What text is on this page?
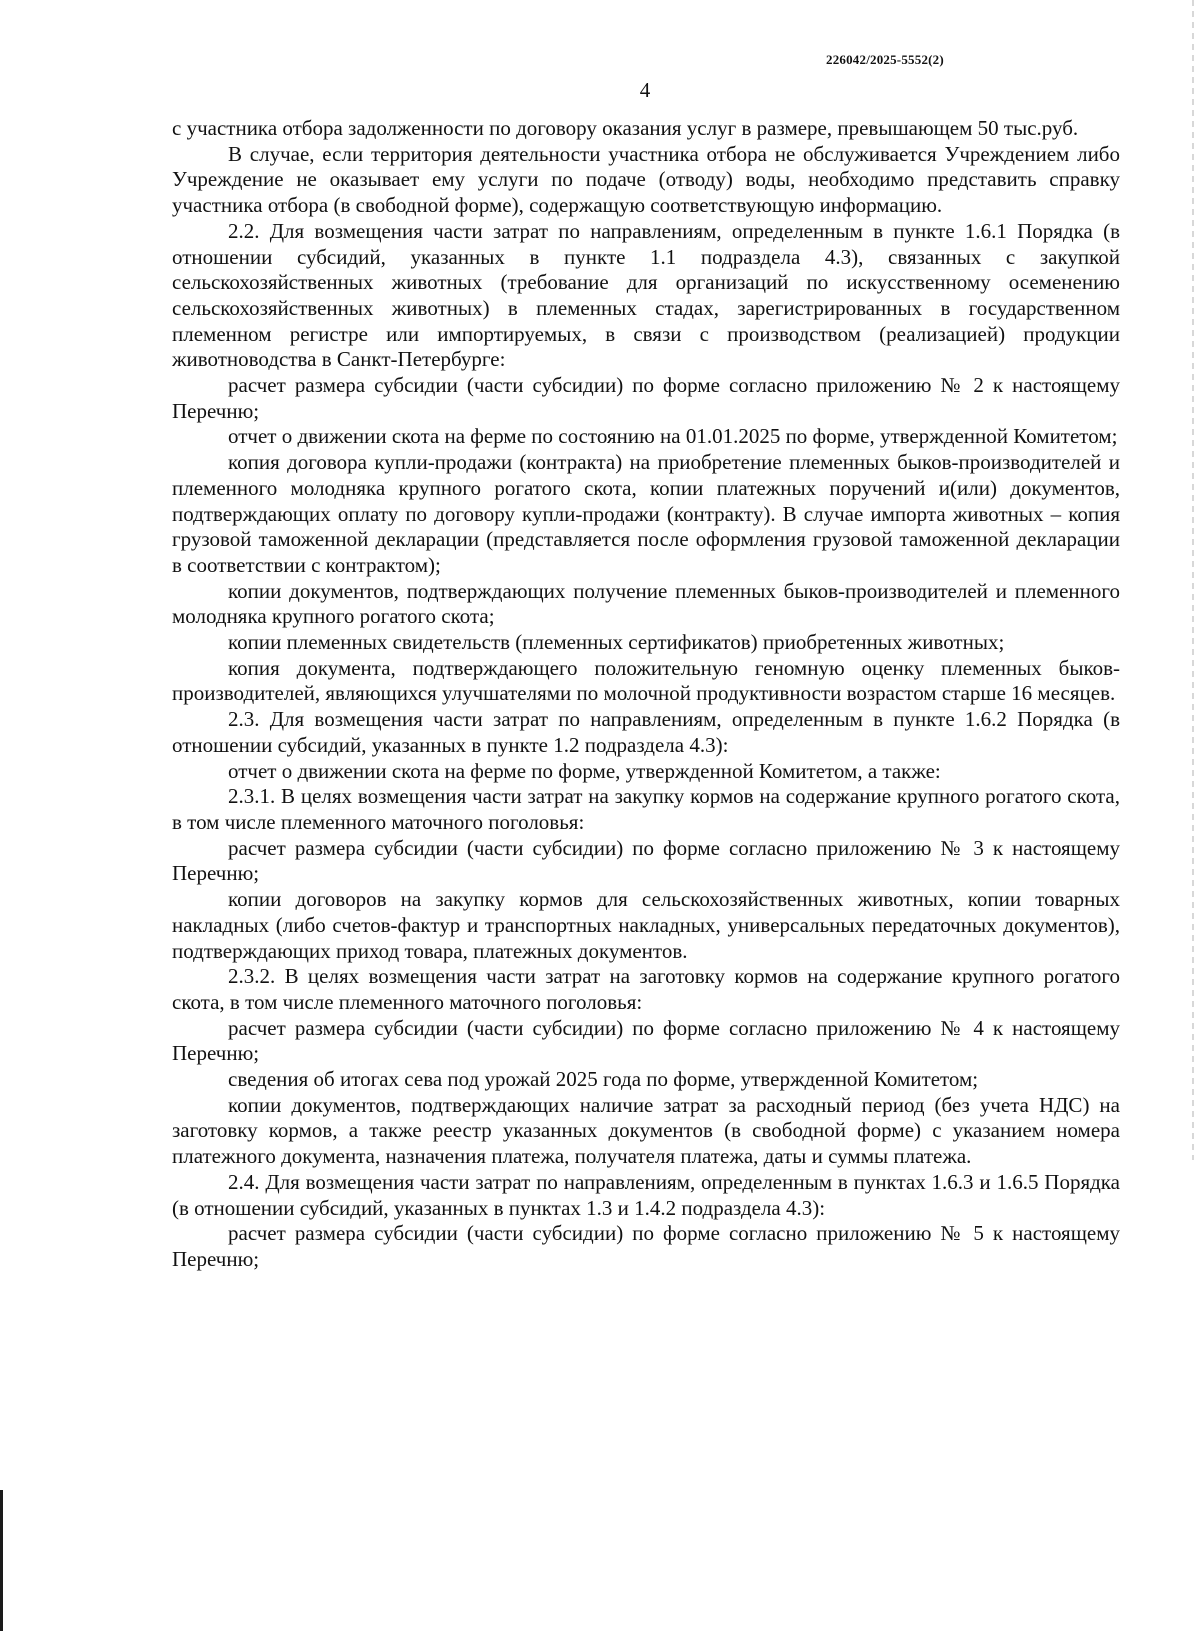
226042/2025-5552(2)
4

с участника отбора задолженности по договору оказания услуг в размере, превышающем 50 тыс.руб.

В случае, если территория деятельности участника отбора не обслуживается Учреждением либо Учреждение не оказывает ему услуги по подаче (отводу) воды, необходимо представить справку участника отбора (в свободной форме), содержащую соответствующую информацию.

2.2. Для возмещения части затрат по направлениям, определенным в пункте 1.6.1 Порядка (в отношении субсидий, указанных в пункте 1.1 подраздела 4.3), связанных с закупкой сельскохозяйственных животных (требование для организаций по искусственному осеменению сельскохозяйственных животных) в племенных стадах, зарегистрированных в государственном племенном регистре или импортируемых, в связи с производством (реализацией) продукции животноводства в Санкт-Петербурге:

расчет размера субсидии (части субсидии) по форме согласно приложению № 2 к настоящему Перечню;

отчет о движении скота на ферме по состоянию на 01.01.2025 по форме, утвержденной Комитетом;

копия договора купли-продажи (контракта) на приобретение племенных быков-производителей и племенного молодняка крупного рогатого скота, копии платежных поручений и(или) документов, подтверждающих оплату по договору купли-продажи (контракту). В случае импорта животных – копия грузовой таможенной декларации (представляется после оформления грузовой таможенной декларации в соответствии с контрактом);

копии документов, подтверждающих получение племенных быков-производителей и племенного молодняка крупного рогатого скота;

копии племенных свидетельств (племенных сертификатов) приобретенных животных;

копия документа, подтверждающего положительную геномную оценку племенных быков-производителей, являющихся улучшателями по молочной продуктивности возрастом старше 16 месяцев.

2.3. Для возмещения части затрат по направлениям, определенным в пункте 1.6.2 Порядка (в отношении субсидий, указанных в пункте 1.2 подраздела 4.3):

отчет о движении скота на ферме по форме, утвержденной Комитетом, а также:

2.3.1. В целях возмещения части затрат на закупку кормов на содержание крупного рогатого скота, в том числе племенного маточного поголовья:

расчет размера субсидии (части субсидии) по форме согласно приложению № 3 к настоящему Перечню;

копии договоров на закупку кормов для сельскохозяйственных животных, копии товарных накладных (либо счетов-фактур и транспортных накладных, универсальных передаточных документов), подтверждающих приход товара, платежных документов.

2.3.2. В целях возмещения части затрат на заготовку кормов на содержание крупного рогатого скота, в том числе племенного маточного поголовья:

расчет размера субсидии (части субсидии) по форме согласно приложению № 4 к настоящему Перечню;

сведения об итогах сева под урожай 2025 года по форме, утвержденной Комитетом;

копии документов, подтверждающих наличие затрат за расходный период (без учета НДС) на заготовку кормов, а также реестр указанных документов (в свободной форме) с указанием номера платежного документа, назначения платежа, получателя платежа, даты и суммы платежа.

2.4. Для возмещения части затрат по направлениям, определенным в пунктах 1.6.3 и 1.6.5 Порядка (в отношении субсидий, указанных в пунктах 1.3 и 1.4.2 подраздела 4.3):

расчет размера субсидии (части субсидии) по форме согласно приложению № 5 к настоящему Перечню;
